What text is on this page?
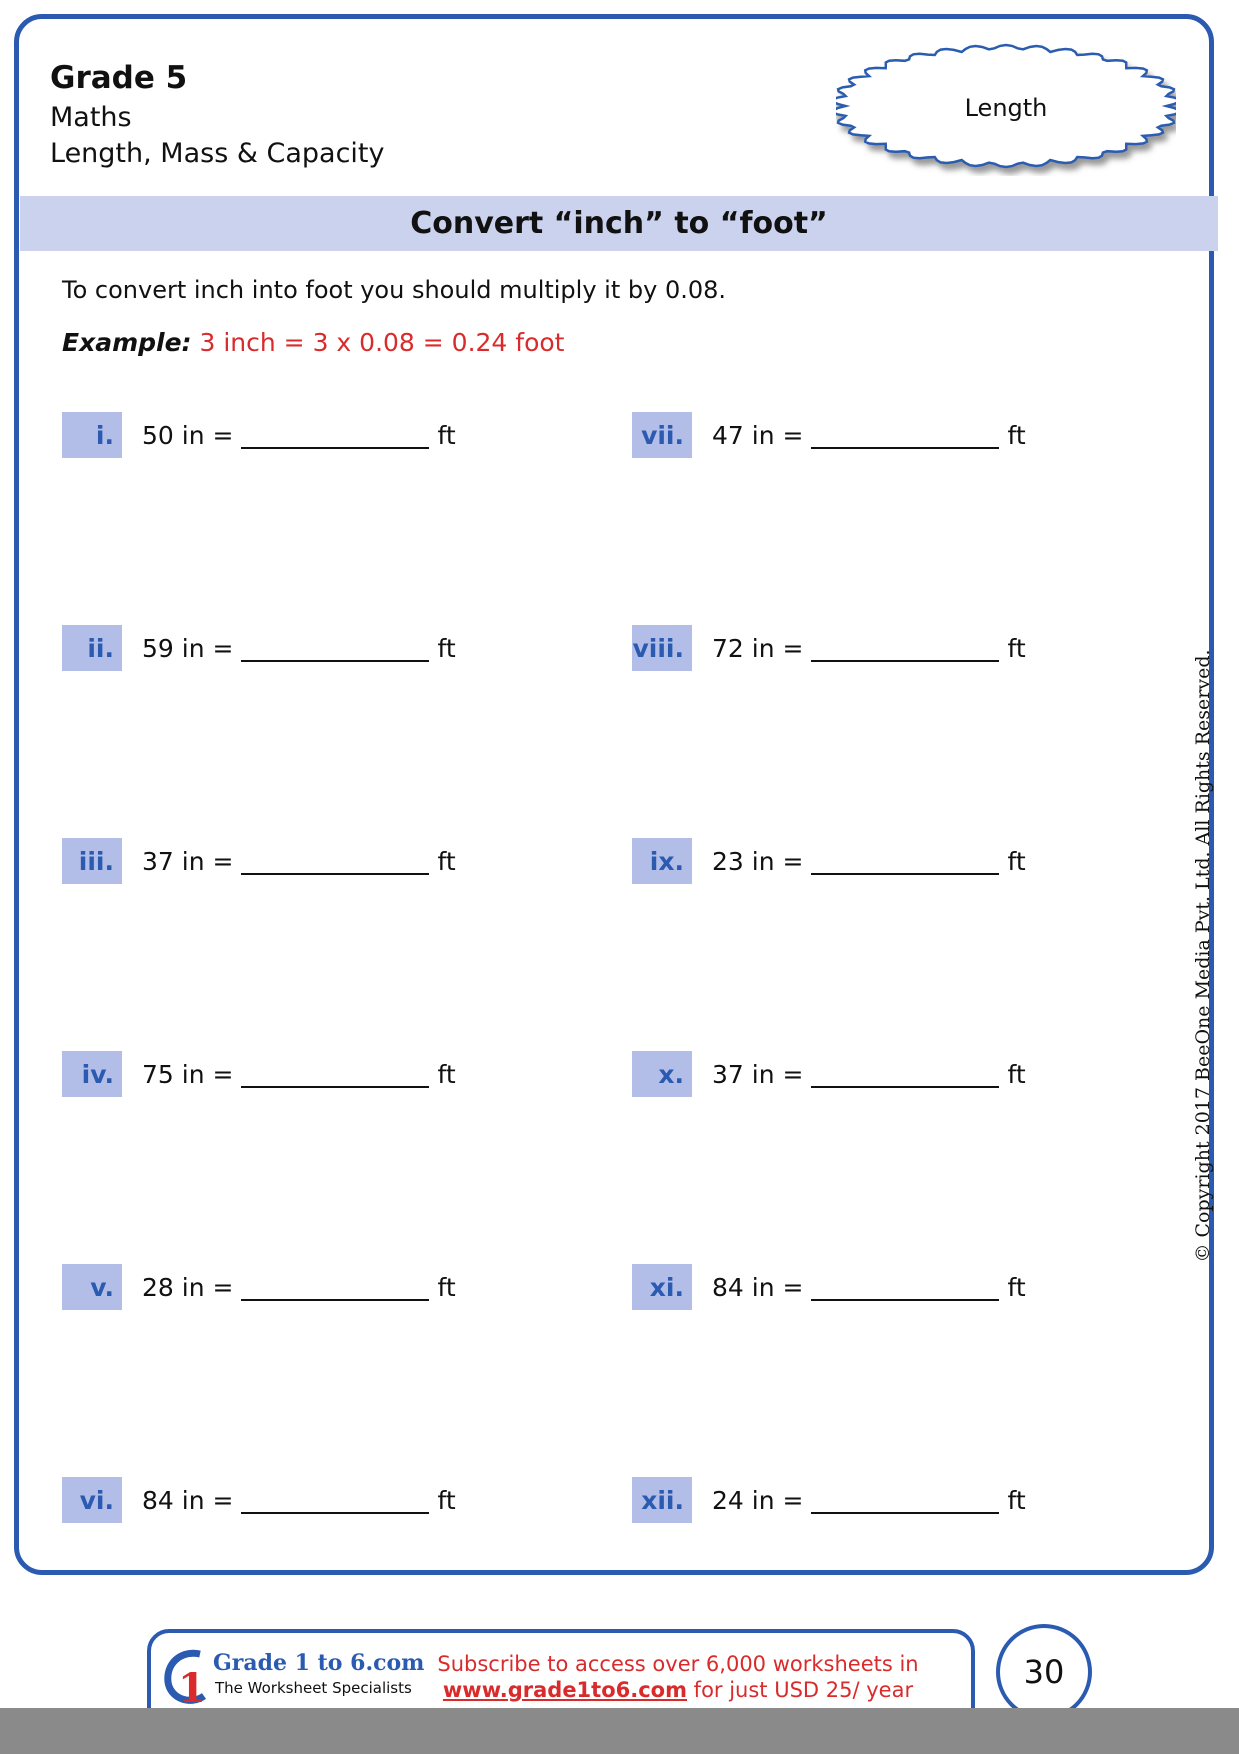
Grade 5
Maths
Length, Mass & Capacity
Length
Convert “inch” to “foot”
To convert inch into foot you should multiply it by 0.08.
Example: 3 inch = 3 x 0.08 = 0.24 foot
i.	50 in =	ft
ii.	59 in =	ft
iii.	37 in =	ft
iv.	75 in =	ft
v.	28 in =	ft
vi.	84 in =	ft
vii.	47 in =	ft
viii.	72 in =	ft
ix.	23 in =	ft
x.	37 in =	ft
xi.	84 in =	ft
xii.	24 in =	ft
© Copyright 2017 BeeOne Media Pvt. Ltd. All Rights Reserved.
1
Grade 1 to 6.com
The Worksheet Specialists
Subscribe to access over 6,000 worksheets in
www.grade1to6.com for just USD 25/ year	30
